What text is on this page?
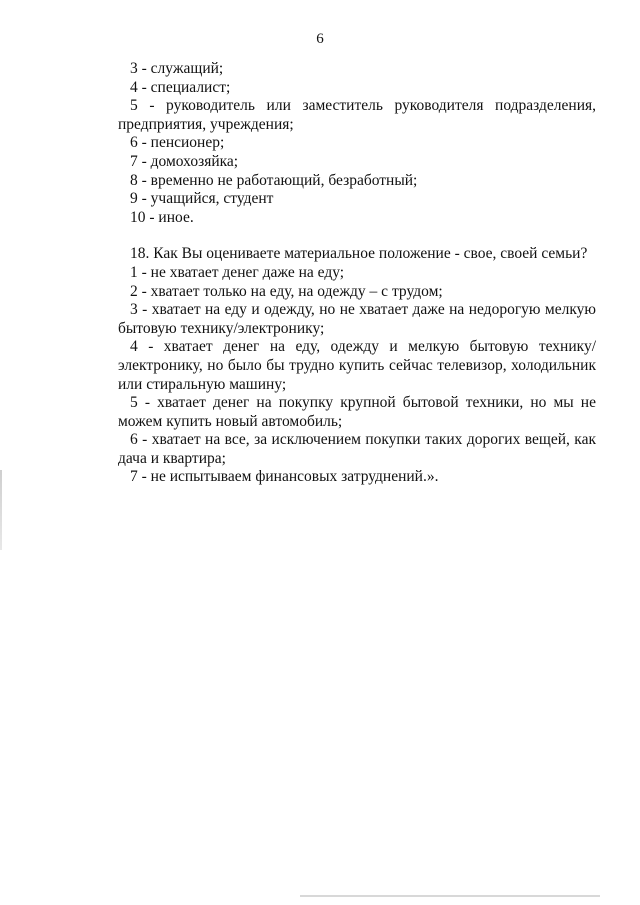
6

3 - служащий;

4 - специалист;

5 - руководитель или заместитель руководителя подразделения, предприятия, учреждения;

6 - пенсионер;

7 - домохозяйка;

8 - временно не работающий, безработный;

9 - учащийся, студент

10 - иное.

18. Как Вы оцениваете материальное положение - свое, своей семьи?

1 - не хватает денег даже на еду;

2 - хватает только на еду, на одежду – с трудом;

3 - хватает на еду и одежду, но не хватает даже на недорогую мелкую бытовую технику/электронику;

4 - хватает денег на еду, одежду и мелкую бытовую технику/электронику, но было бы трудно купить сейчас телевизор, холодильник или стиральную машину;

5 - хватает денег на покупку крупной бытовой техники, но мы не можем купить новый автомобиль;

6 - хватает на все, за исключением покупки таких дорогих вещей, как дача и квартира;

7 - не испытываем финансовых затруднений.».
